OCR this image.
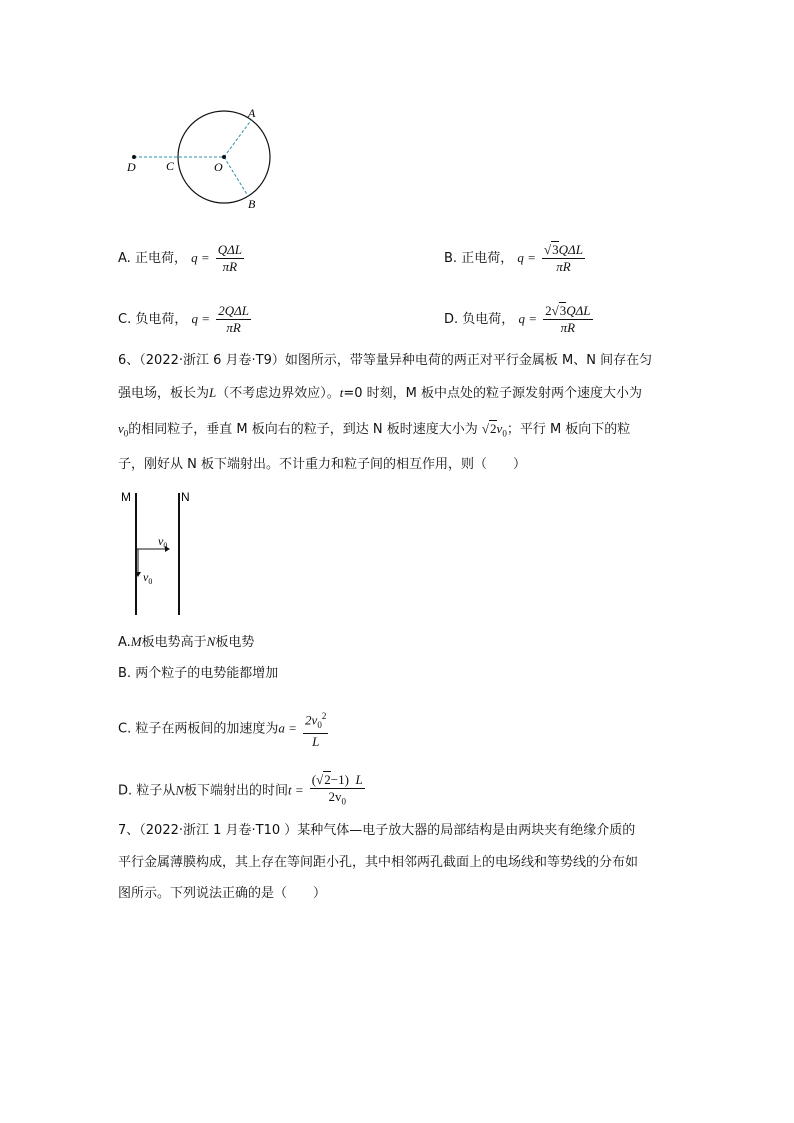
A
B
C
D	O
A. 正电荷， $q = \frac{\text{QΔL}}{\pi R}$	B. 正电荷， $q = \frac{\text{√3QΔL}}{\pi R}$
C. 负电荷， $q = \frac{\text{2QΔL}}{\pi R}$	D. 负电荷， $q = \frac{\text{2√3QΔL}}{\pi R}$
6、（2022·浙江 6 月卷·T9）如图所示，带等量异种电荷的两正对平行金属板 M、N 间存在匀
强电场，板长为L（不考虑边界效应）。t=0 时刻，M 板中点处的粒子源发射两个速度大小为
$v_0$的相同粒子，垂直 M 板向右的粒子，到达 N 板时速度大小为 $√2v_0$；平行 M 板向下的粒
子，刚好从 N 板下端射出。不计重力和粒子间的相互作用，则（　　）
M	N
$v_0$
$v_0$
A.M板电势高于N板电势
B. 两个粒子的电势能都增加
C. 粒子在两板间的加速度为$a = \frac{2v_0^2}{L}$
D. 粒子从N板下端射出的时间$t = \frac{(√2-1) L}{2v_0}$
7、（2022·浙江 1 月卷·T10 ）某种气体—电子放大器的局部结构是由两块夹有绝缘介质的
平行金属薄膜构成，其上存在等间距小孔，其中相邻两孔截面上的电场线和等势线的分布如
图所示。下列说法正确的是（　　）
